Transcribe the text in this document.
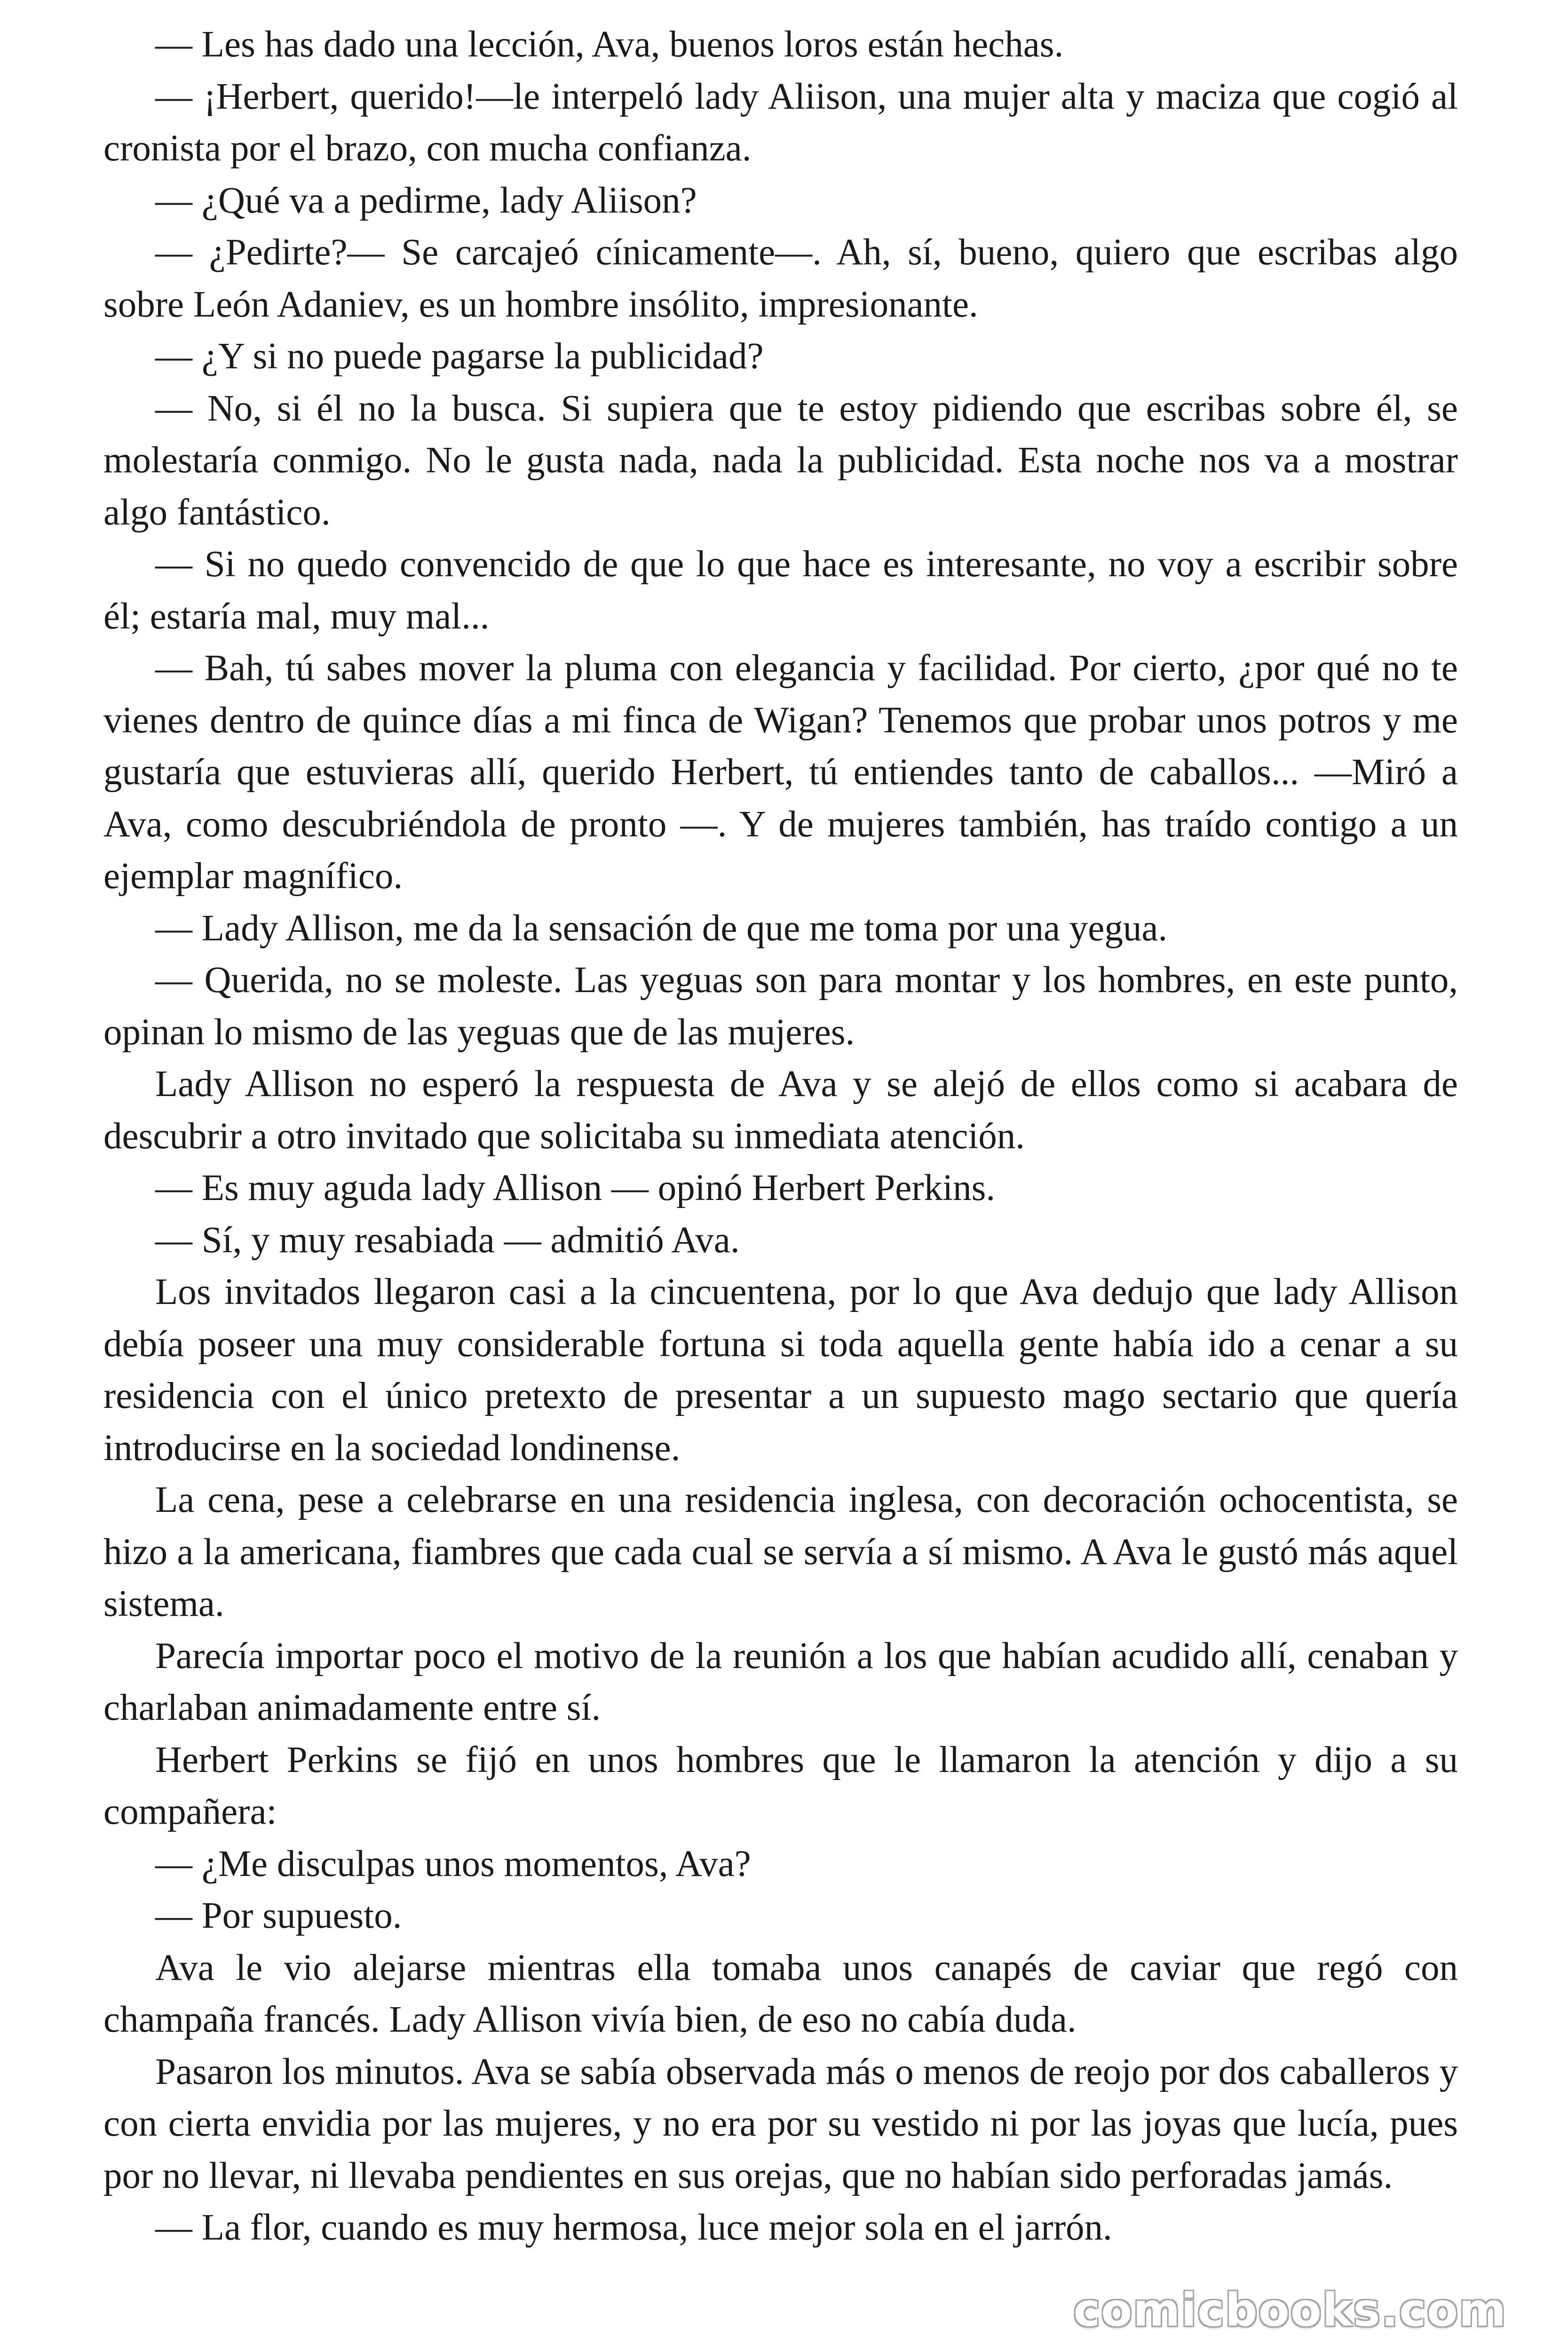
— Les has dado una lección, Ava, buenos loros están hechas.

— ¡Herbert, querido!—le interpeló lady Aliison, una mujer alta y maciza que cogió al cronista por el brazo, con mucha confianza.

— ¿Qué va a pedirme, lady Aliison?

— ¿Pedirte?— Se carcajeó cínicamente—. Ah, sí, bueno, quiero que escribas algo sobre León Adaniev, es un hombre insólito, impresionante.

— ¿Y si no puede pagarse la publicidad?

— No, si él no la busca. Si supiera que te estoy pidiendo que escribas sobre él, se molestaría conmigo. No le gusta nada, nada la publicidad. Esta noche nos va a mostrar algo fantástico.

— Si no quedo convencido de que lo que hace es interesante, no voy a escribir sobre él; estaría mal, muy mal...

— Bah, tú sabes mover la pluma con elegancia y facilidad. Por cierto, ¿por qué no te vienes dentro de quince días a mi finca de Wigan? Tenemos que probar unos potros y me gustaría que estuvieras allí, querido Herbert, tú entiendes tanto de caballos... —Miró a Ava, como descubriéndola de pronto —. Y de mujeres también, has traído contigo a un ejemplar magnífico.

— Lady Allison, me da la sensación de que me toma por una yegua.

— Querida, no se moleste. Las yeguas son para montar y los hombres, en este punto, opinan lo mismo de las yeguas que de las mujeres.

Lady Allison no esperó la respuesta de Ava y se alejó de ellos como si acabara de descubrir a otro invitado que solicitaba su inmediata atención.

— Es muy aguda lady Allison — opinó Herbert Perkins.

— Sí, y muy resabiada — admitió Ava.

Los invitados llegaron casi a la cincuentena, por lo que Ava dedujo que lady Allison debía poseer una muy considerable fortuna si toda aquella gente había ido a cenar a su residencia con el único pretexto de presentar a un supuesto mago sectario que quería introducirse en la sociedad londinense.

La cena, pese a celebrarse en una residencia inglesa, con decoración ochocentista, se hizo a la americana, fiambres que cada cual se servía a sí mismo. A Ava le gustó más aquel sistema.

Parecía importar poco el motivo de la reunión a los que habían acudido allí, cenaban y charlaban animadamente entre sí.

Herbert Perkins se fijó en unos hombres que le llamaron la atención y dijo a su compañera:

— ¿Me disculpas unos momentos, Ava?

— Por supuesto.

Ava le vio alejarse mientras ella tomaba unos canapés de caviar que regó con champaña francés. Lady Allison vivía bien, de eso no cabía duda.

Pasaron los minutos. Ava se sabía observada más o menos de reojo por dos caballeros y con cierta envidia por las mujeres, y no era por su vestido ni por las joyas que lucía, pues por no llevar, ni llevaba pendientes en sus orejas, que no habían sido perforadas jamás.

— La flor, cuando es muy hermosa, luce mejor sola en el jarrón.

comicbooks.com
